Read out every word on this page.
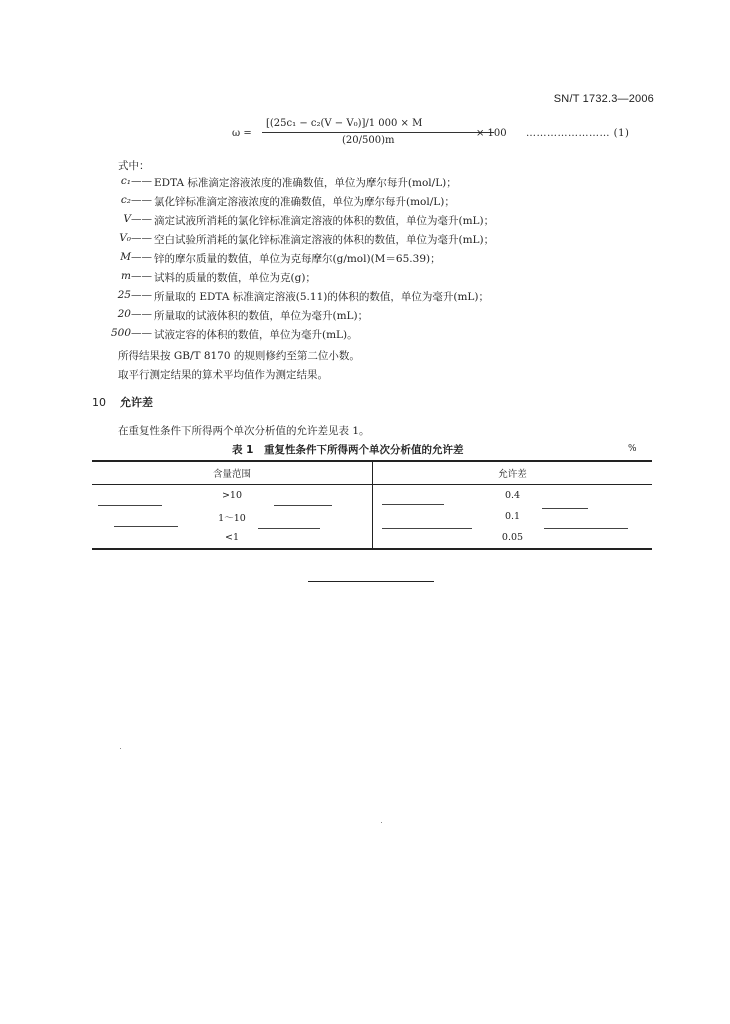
SN/T 1732.3—2006
ω =
[(25c₁ − c₂(V − V₀)]/1 000 × M
(20/500)m
× 100 …………………… (1)
式中：
c₁—— EDTA 标准滴定溶液浓度的准确数值，单位为摩尔每升(mol/L)；
c₂—— 氯化锌标准滴定溶液浓度的准确数值，单位为摩尔每升(mol/L)；
V—— 滴定试液所消耗的氯化锌标准滴定溶液的体积的数值，单位为毫升(mL)；
V₀—— 空白试验所消耗的氯化锌标准滴定溶液的体积的数值，单位为毫升(mL)；
M—— 锌的摩尔质量的数值，单位为克每摩尔(g/mol)(M＝65.39)；
m—— 试料的质量的数值，单位为克(g)；
25—— 所量取的 EDTA 标准滴定溶液(5.11)的体积的数值，单位为毫升(mL)；
20—— 所量取的试液体积的数值，单位为毫升(mL)；
500—— 试液定容的体积的数值，单位为毫升(mL)。
所得结果按 GB/T 8170 的规则修约至第二位小数。
取平行测定结果的算术平均值作为测定结果。
10 允许差
在重复性条件下所得两个单次分析值的允许差见表 1。
表 1　重复性条件下所得两个单次分析值的允许差	%
含量范围	允许差
>10	0.4
1～10	0.1
<1	0.05
